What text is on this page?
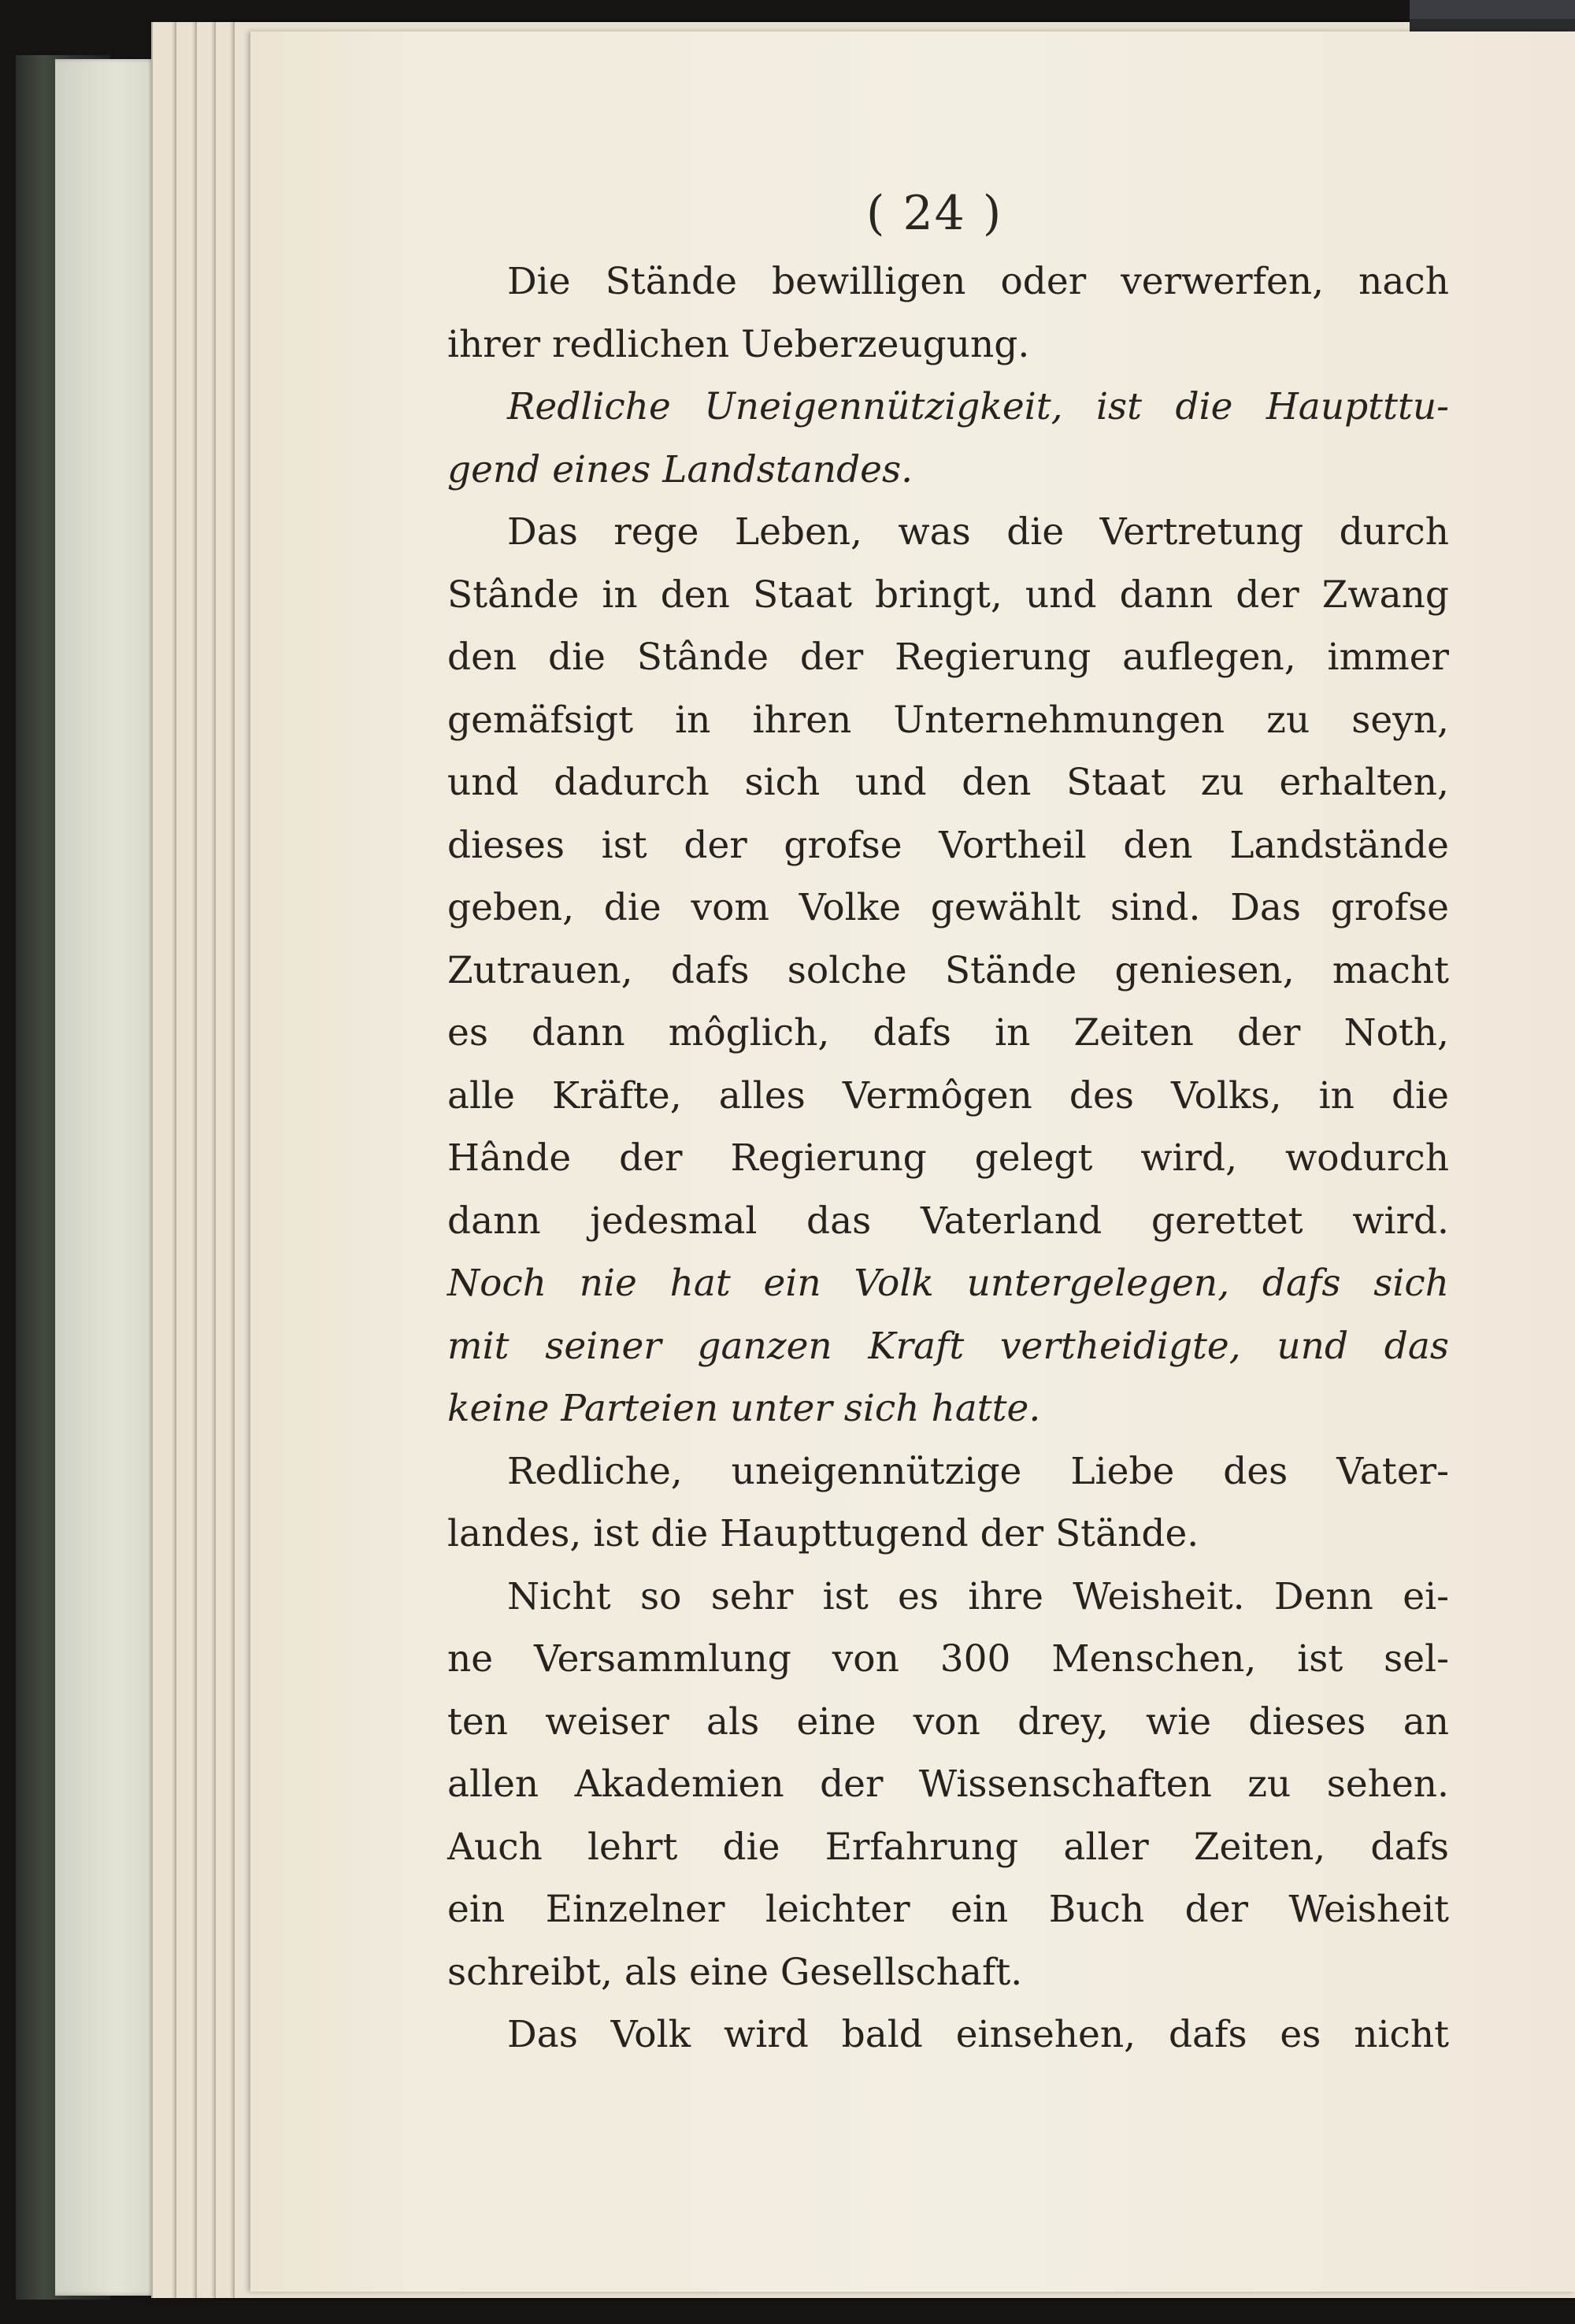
( 24 )
Die Stände bewilligen oder verwerfen, nach
ihrer redlichen Ueberzeugung.
Redliche Uneigennützigkeit, ist die Hauptttu-
gend eines Landstandes.
Das rege Leben, was die Vertretung durch
Stânde in den Staat bringt, und dann der Zwang
den die Stânde der Regierung auflegen, immer
gemäfsigt in ihren Unternehmungen zu seyn,
und dadurch sich und den Staat zu erhalten,
dieses ist der grofse Vortheil den Landstände
geben, die vom Volke gewählt sind. Das grofse
Zutrauen, dafs solche Stände geniesen, macht
es dann môglich, dafs in Zeiten der Noth,
alle Kräfte, alles Vermôgen des Volks, in die
Hânde der Regierung gelegt wird, wodurch
dann jedesmal das Vaterland gerettet wird.
Noch nie hat ein Volk untergelegen, dafs sich
mit seiner ganzen Kraft vertheidigte, und das
keine Parteien unter sich hatte.
Redliche, uneigennützige Liebe des Vater-
landes, ist die Haupttugend der Stände.
Nicht so sehr ist es ihre Weisheit. Denn ei-
ne Versammlung von 300 Menschen, ist sel-
ten weiser als eine von drey, wie dieses an
allen Akademien der Wissenschaften zu sehen.
Auch lehrt die Erfahrung aller Zeiten, dafs
ein Einzelner leichter ein Buch der Weisheit
schreibt, als eine Gesellschaft.
Das Volk wird bald einsehen, dafs es nicht
